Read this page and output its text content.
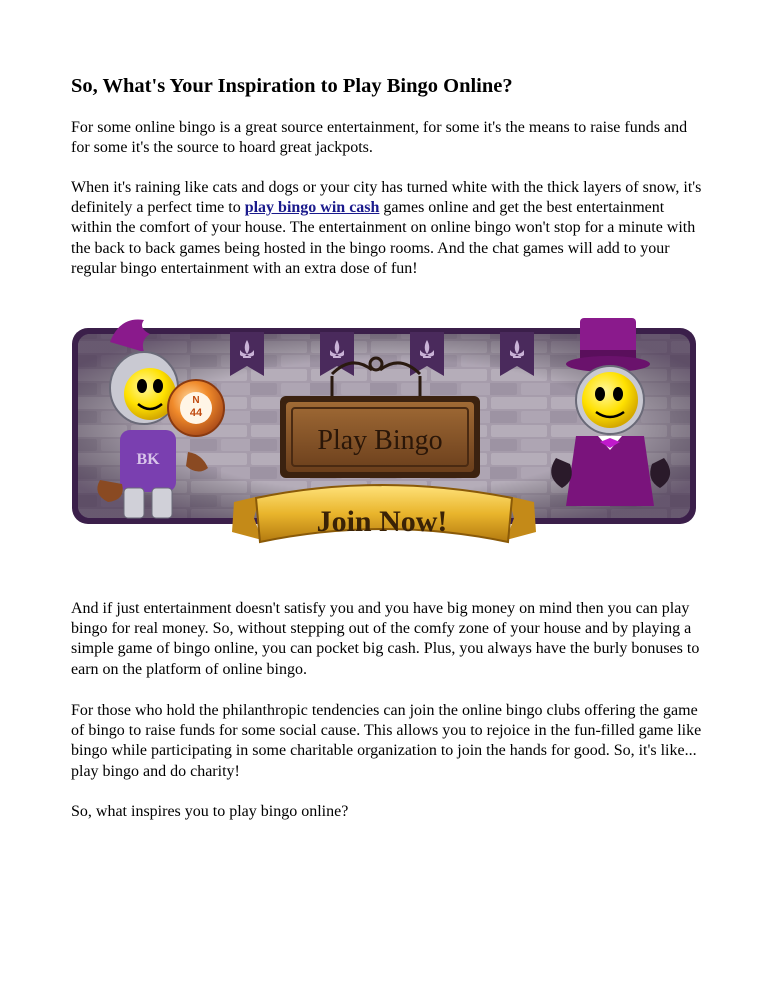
So, What's Your Inspiration to Play Bingo Online?

For some online bingo is a great source entertainment, for some it's the means to raise funds and for some it's the source to hoard great jackpots.

When it's raining like cats and dogs or your city has turned white with the thick layers of snow, it's definitely a perfect time to play bingo win cash games online and get the best entertainment within the comfort of your house. The entertainment on online bingo won't stop for a minute with the back to back games being hosted in the bingo rooms. And the chat games will add to your regular bingo entertainment with an extra dose of fun!

Play Bingo
BK
N
44
Join Now!

And if just entertainment doesn't satisfy you and you have big money on mind then you can play bingo for real money. So, without stepping out of the comfy zone of your house and by playing a simple game of bingo online, you can pocket big cash. Plus, you always have the burly bonuses to earn on the platform of online bingo.

For those who hold the philanthropic tendencies can join the online bingo clubs offering the game of bingo to raise funds for some social cause. This allows you to rejoice in the fun-filled game like bingo while participating in some charitable organization to join the hands for good. So, it's like... play bingo and do charity!

So, what inspires you to play bingo online?
